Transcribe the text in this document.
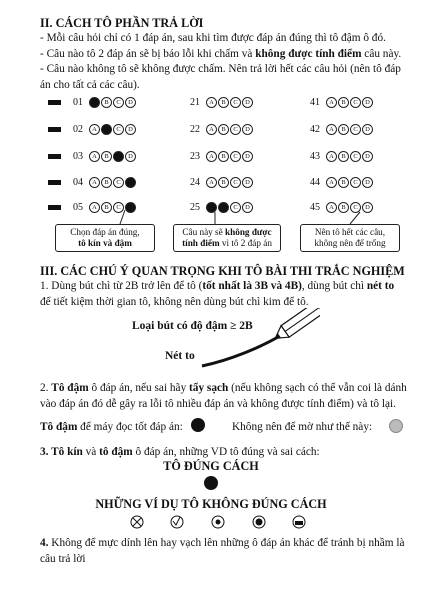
II. CÁCH TÔ PHẦN TRẢ LỜI
- Mỗi câu hỏi chỉ có 1 đáp án, sau khi tìm được đáp án đúng thì tô đậm ô đó.
- Câu nào tô 2 đáp án sẽ bị báo lỗi khi chấm và không được tính điểm câu này.
- Câu nào không tô sẽ không được chấm. Nên trả lời hết các câu hỏi (nên tô đáp án cho tất cả các câu).
01	A	B	C	D
02	A	B	C	D
03	A	B	C	D
04	A	B	C	D
05	A	B	C	D
21	A	B	C	D
22	A	B	C	D
23	A	B	C	D
24	A	B	C	D
25	A	B	C	D
41	A	B	C	D
42	A	B	C	D
43	A	B	C	D
44	A	B	C	D
45	A	B	C	D
Chọn đáp án đúng,
tô kín và đậm
Câu này sẽ không được
tính điểm vì tô 2 đáp án
Nên tô hết các câu,
không nên để trống
III. CÁC CHÚ Ý QUAN TRỌNG KHI TÔ BÀI THI TRẮC NGHIỆM
1. Dùng bút chì từ 2B trở lên để tô (tốt nhất là 3B và 4B), dùng bút chì nét to
để tiết kiệm thời gian tô, không nên dùng bút chì kim để tô.
Loại bút có độ đậm ≥ 2B
Nét to
2. Tô đậm ô đáp án, nếu sai hãy tẩy sạch (nếu không sạch có thể vẫn coi là dánh vào đáp án đó dễ gây ra lỗi tô nhiều đáp án và không được tính điểm) và tô lại.
Tô đậm để máy đọc tốt đáp án:	Không nên để mờ như thế này:
3. Tô kín và tô đậm ô đáp án, những VD tô đúng và sai cách:
TÔ ĐÚNG CÁCH
NHỮNG VÍ DỤ TÔ KHÔNG ĐÚNG CÁCH
4. Không để mực dính lên hay vạch lên những ô đáp án khác để tránh bị nhầm là câu trả lời
